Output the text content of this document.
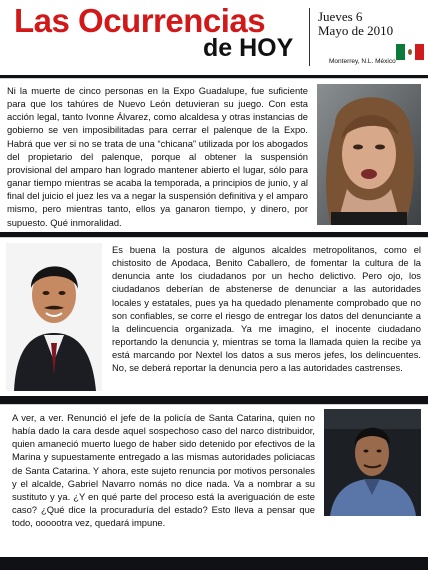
Las Ocurrencias
de HOY
Jueves 6
Mayo de 2010
Monterrey, N.L. México

Ni la muerte de cinco personas en la Expo Guadalupe, fue suficiente para que los tahúres de Nuevo León detuvieran su juego. Con esta acción legal, tanto Ivonne Álvarez, como alcaldesa y otras instancias de gobierno se ven imposibilitadas para cerrar el palenque de la Expo. Habrá que ver si no se trata de una “chicana” utilizada por los abogados del propietario del palenque, porque al obtener la suspensión provisional del amparo han logrado mantener abierto el lugar, sólo para ganar tiempo mientras se acaba la temporada, a principios de junio, y al final del juicio el juez les va a negar la suspensión definitiva y el amparo mismo, pero mientras tanto, ellos ya ganaron tiempo, y dinero, por supuesto. Qué inmoralidad.

Es buena la postura de algunos alcaldes metropolitanos, como el chistosito de Apodaca, Benito Caballero, de fomentar la cultura de la denuncia ante los ciudadanos por un hecho delictivo. Pero ojo, los ciudadanos deberían de abstenerse de denunciar a las autoridades locales y estatales, pues ya ha quedado plenamente comprobado que no son confiables, se corre el riesgo de entregar los datos del denunciante a la delincuencia organizada. Ya me imagino, el inocente ciudadano reportando la denuncia y, mientras se toma la llamada quien la recibe ya está marcando por Nextel los datos a sus meros jefes, los delincuentes. No, se deberá reportar la denuncia pero a las autoridades castrenses.

A ver, a ver. Renunció el jefe de la policía de Santa Catarina, quien no había dado la cara desde aquel sospechoso caso del narco distribuidor, quien amaneció muerto luego de haber sido detenido por efectivos de la Marina y supuestamente entregado a las mismas autoridades policiacas de Santa Catarina. Y ahora, este sujeto renuncia por motivos personales y el alcalde, Gabriel Navarro nomás no dice nada. Va a nombrar a su sustituto y ya. ¿Y en qué parte del proceso está la averiguación de este caso? ¿Qué dice la procuraduría del estado? Esto lleva a pensar que todo, oooootra vez, quedará impune.
